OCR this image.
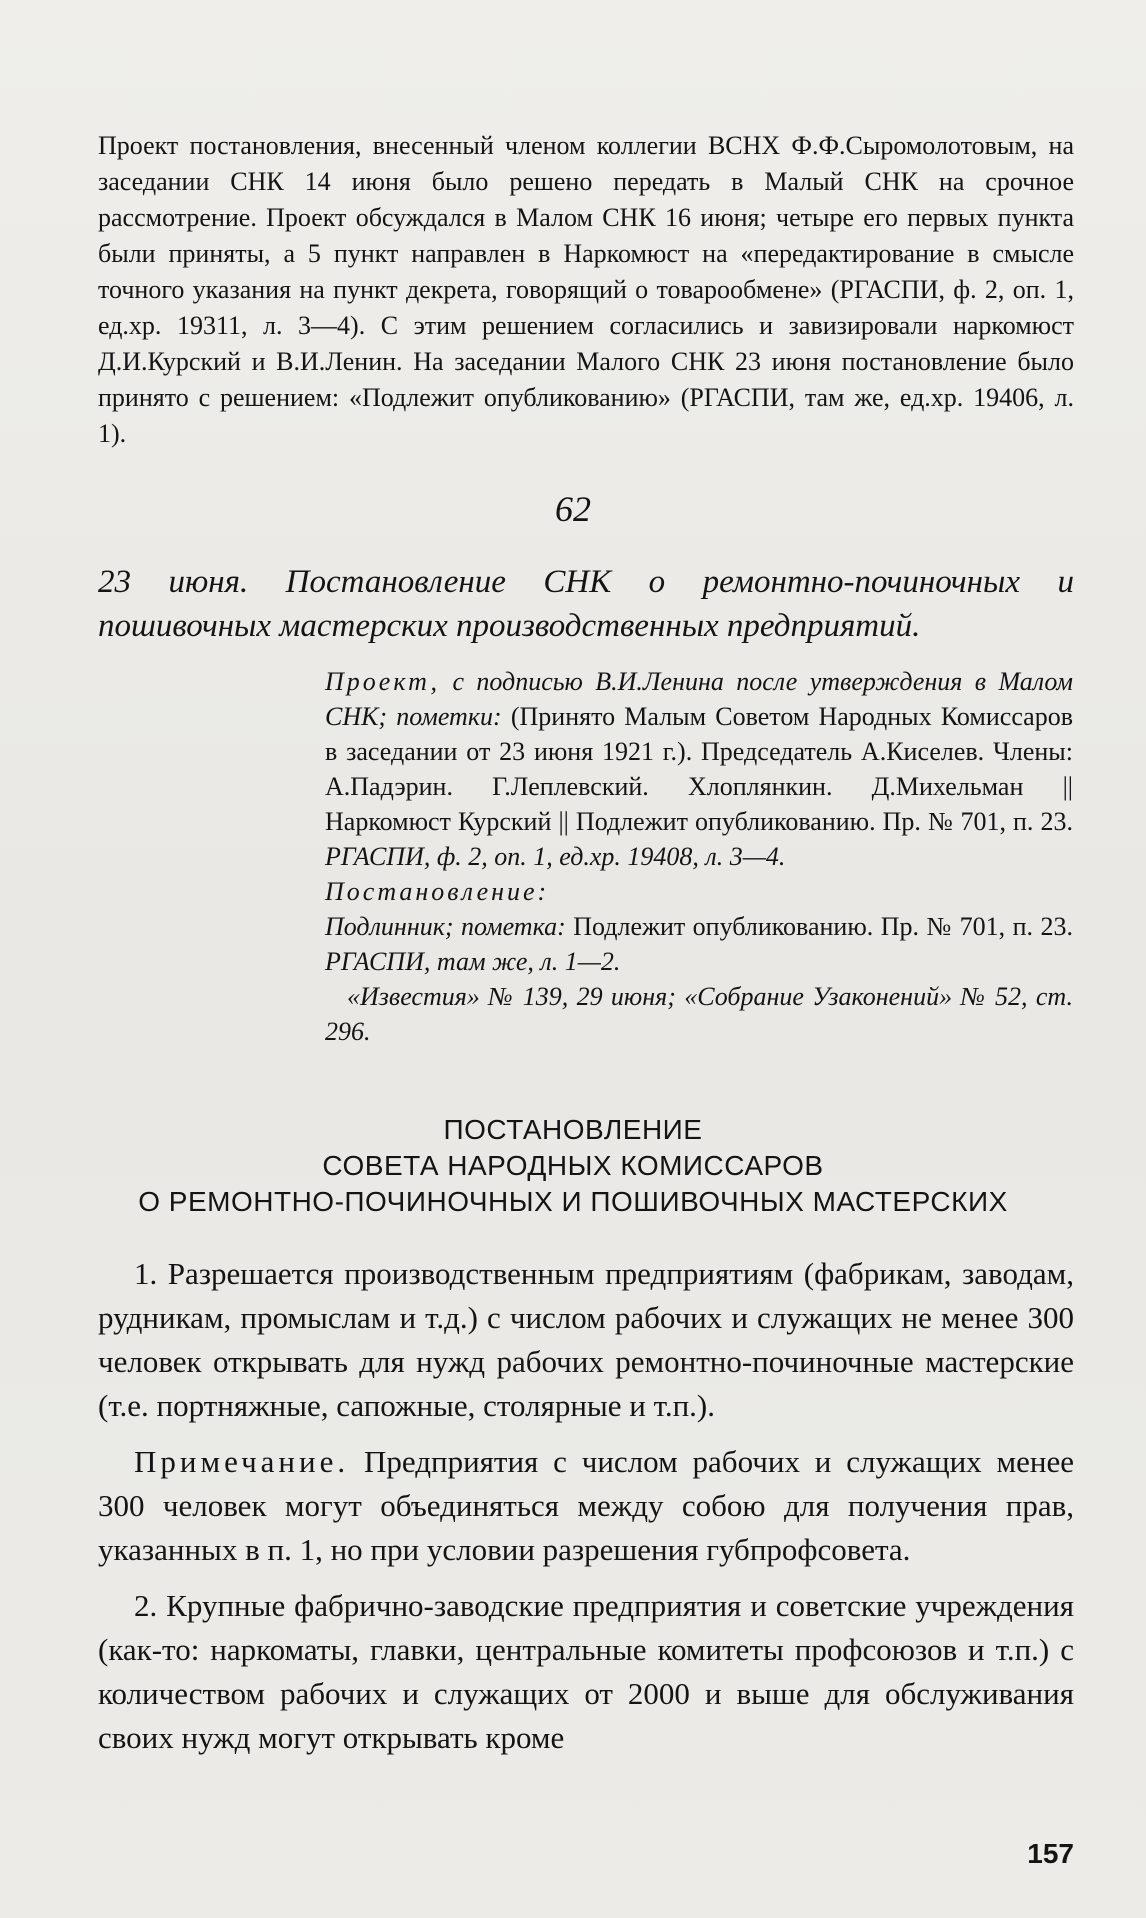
Проект постановления, внесенный членом коллегии ВСНХ Ф.Ф.Сыромолотовым, на заседании СНК 14 июня было решено передать в Малый СНК на срочное рассмотрение. Проект обсуждался в Малом СНК 16 июня; четыре его первых пункта были приняты, а 5 пункт направлен в Наркомюст на «передактирование в смысле точного указания на пункт декрета, говорящий о товарообмене» (РГАСПИ, ф. 2, оп. 1, ед.хр. 19311, л. 3—4). С этим решением согласились и завизировали наркомюст Д.И.Курский и В.И.Ленин. На заседании Малого СНК 23 июня постановление было принято с решением: «Подлежит опубликованию» (РГАСПИ, там же, ед.хр. 19406, л. 1).

62

23 июня. Постановление СНК о ремонтно-починочных и пошивочных мастерских производственных предприятий.

Проект, с подписью В.И.Ленина после утверждения в Малом СНК; пометки: (Принято Малым Советом Народных Комиссаров в заседании от 23 июня 1921 г.). Председатель А.Киселев. Члены: А.Падэрин. Г.Леплевский. Хлоплянкин. Д.Михельман || Наркомюст Курский || Подлежит опубликованию. Пр. № 701, п. 23. РГАСПИ, ф. 2, оп. 1, ед.хр. 19408, л. 3—4.

Постановление:

Подлинник; пометка: Подлежит опубликованию. Пр. № 701, п. 23. РГАСПИ, там же, л. 1—2.

«Известия» № 139, 29 июня; «Собрание Узаконений» № 52, ст. 296.

ПОСТАНОВЛЕНИЕ
СОВЕТА НАРОДНЫХ КОМИССАРОВ
О РЕМОНТНО-ПОЧИНОЧНЫХ И ПОШИВОЧНЫХ МАСТЕРСКИХ

1. Разрешается производственным предприятиям (фабрикам, заводам, рудникам, промыслам и т.д.) с числом рабочих и служащих не менее 300 человек открывать для нужд рабочих ремонтно-починочные мастерские (т.е. портняжные, сапожные, столярные и т.п.).

Примечание. Предприятия с числом рабочих и служащих менее 300 человек могут объединяться между собою для получения прав, указанных в п. 1, но при условии разрешения губпрофсовета.

2. Крупные фабрично-заводские предприятия и советские учреждения (как-то: наркоматы, главки, центральные комитеты профсоюзов и т.п.) с количеством рабочих и служащих от 2000 и выше для обслуживания своих нужд могут открывать кроме

157
